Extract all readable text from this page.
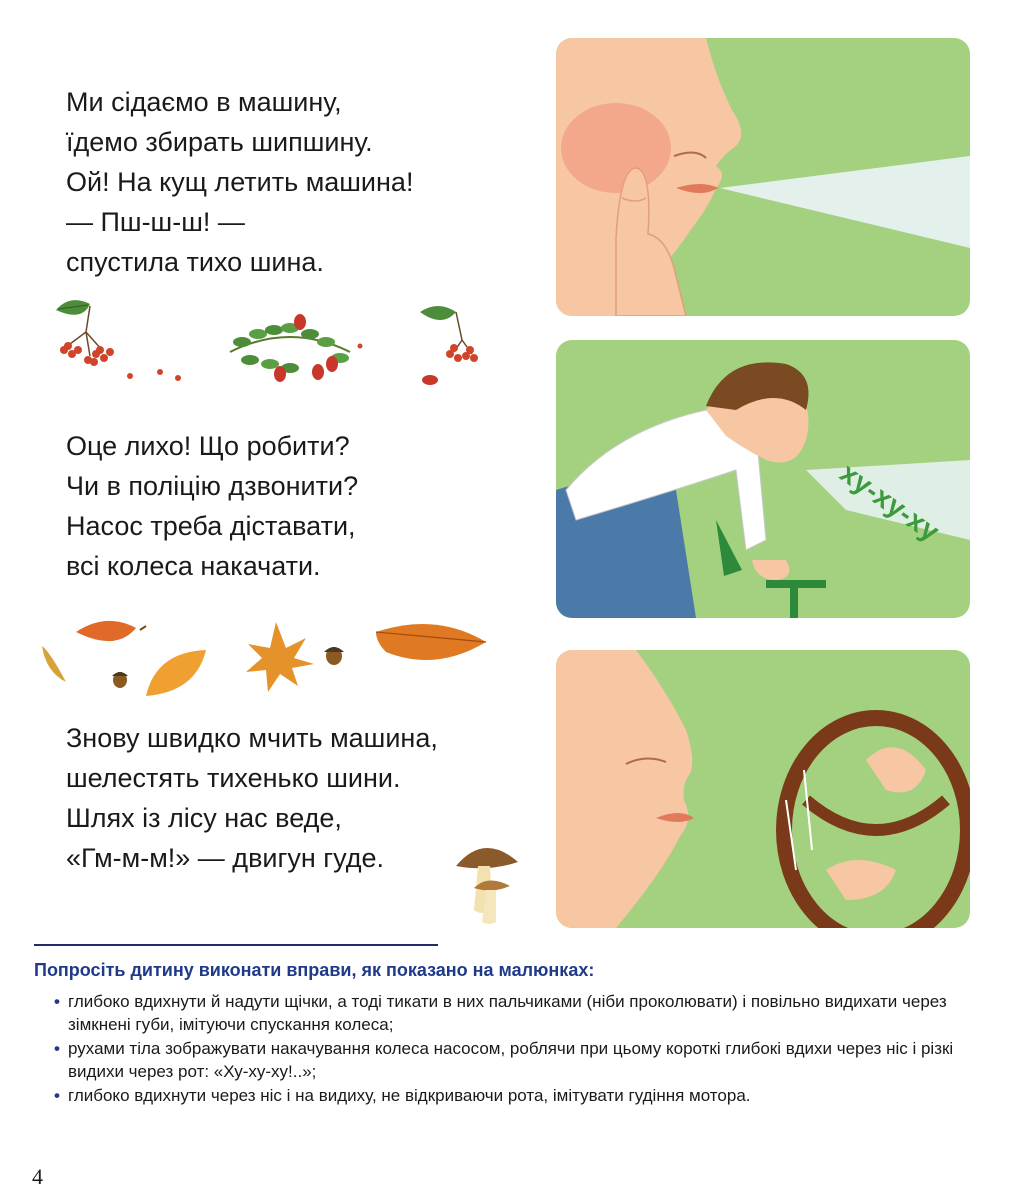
Ми сідаємо в машину,
їдемо збирать шипшину.
Ой! На кущ летить машина!
— Пш-ш-ш! —
спустила тихо шина.
Оце лихо! Що робити?
Чи в поліцію дзвонити?
Насос треба діставати,
всі колеса накачати.
Знову швидко мчить машина,
шелестять тихенько шини.
Шлях із лісу нас веде,
«Гм-м-м!» — двигун гуде.
ху-ху-ху
Попросіть дитину виконати вправи, як показано на малюнках:
• глибоко вдихнути й надути щічки, а тоді тикати в них пальчиками (ніби проколювати) і повільно видихати через зімкнені губи, імітуючи спускання колеса;
• рухами тіла зображувати накачування колеса насосом, роблячи при цьому короткі глибокі вдихи через ніс і різкі видихи через рот: «Ху-ху-ху!..»;
• глибоко вдихнути через ніс і на видиху, не відкриваючи рота, імітувати гудіння мотора.
4
